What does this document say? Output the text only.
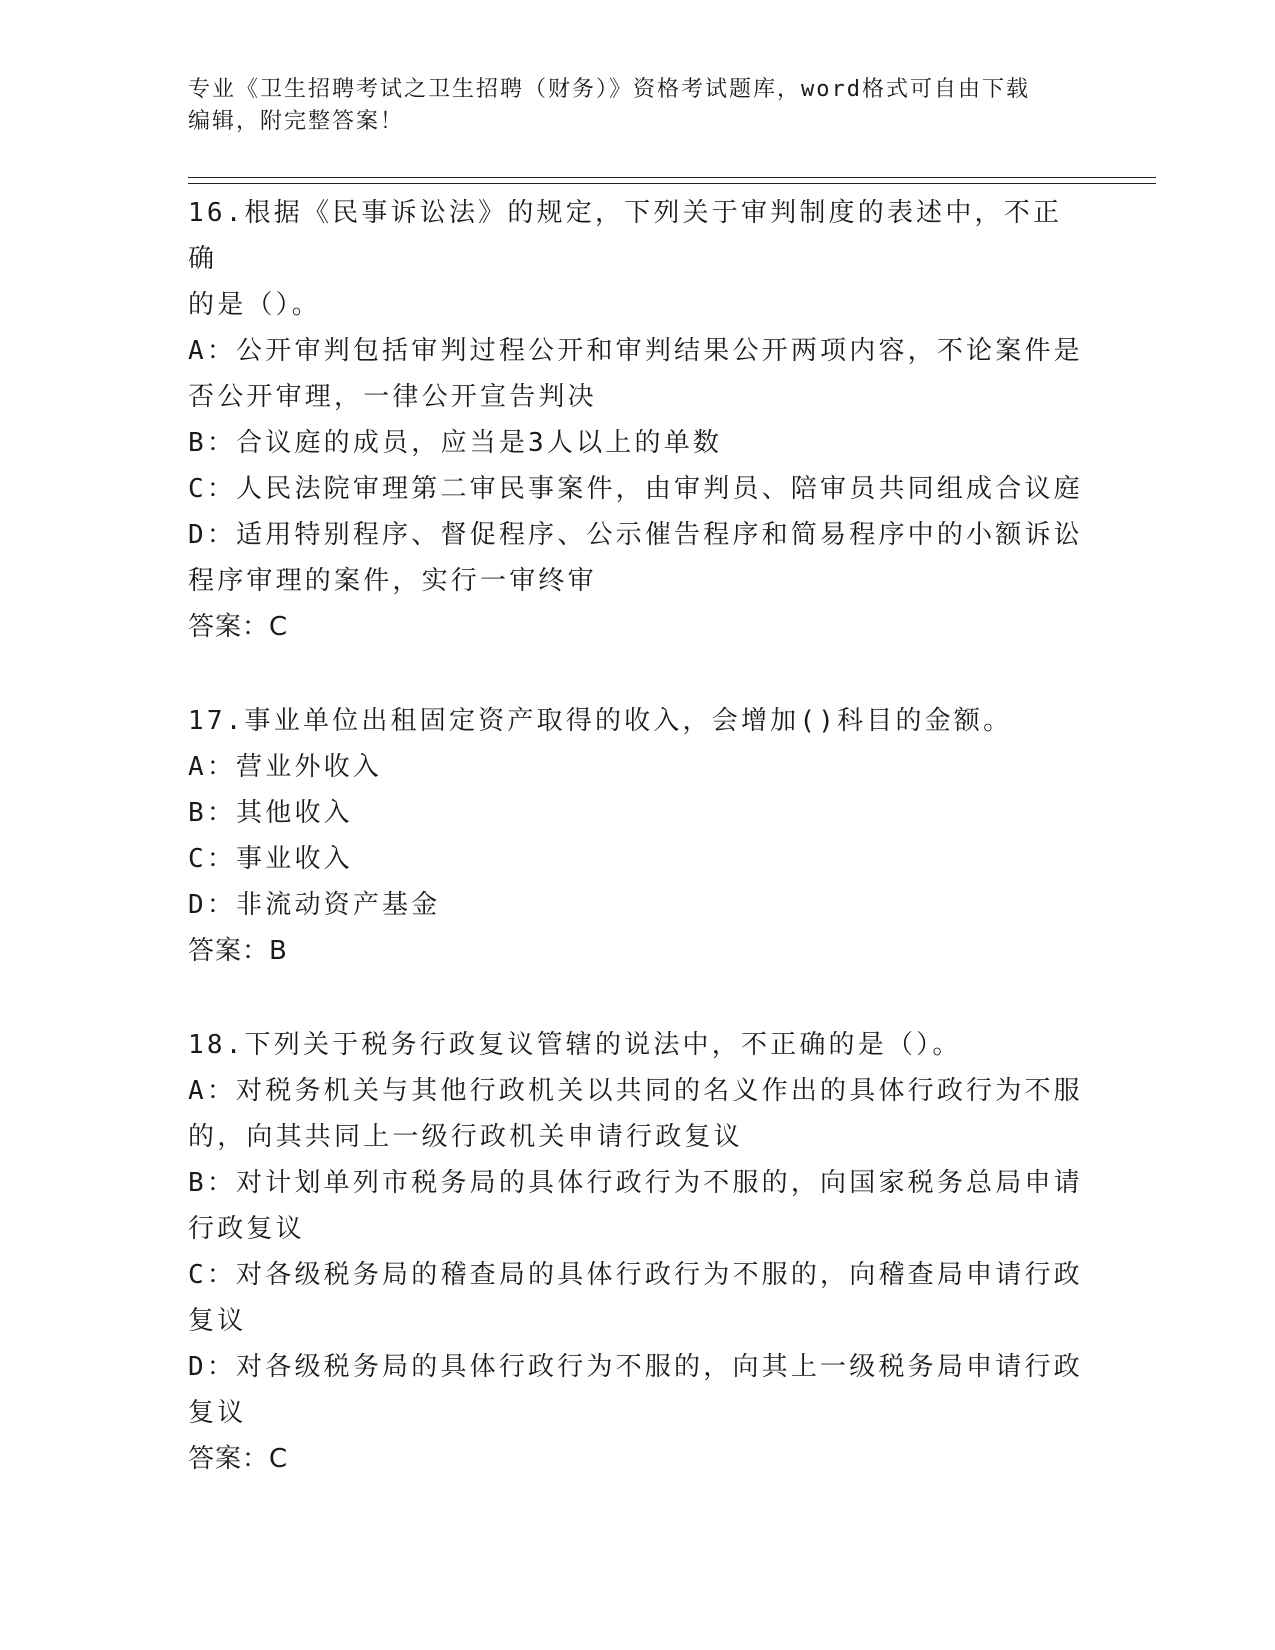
专业《卫生招聘考试之卫生招聘（财务）》资格考试题库，word格式可自由下载
编辑，附完整答案！
16.根据《民事诉讼法》的规定，下列关于审判制度的表述中，不正确
的是（）。
A：公开审判包括审判过程公开和审判结果公开两项内容，不论案件是
否公开审理，一律公开宣告判决
B：合议庭的成员，应当是3人以上的单数
C：人民法院审理第二审民事案件，由审判员、陪审员共同组成合议庭
D：适用特别程序、督促程序、公示催告程序和简易程序中的小额诉讼
程序审理的案件，实行一审终审
答案：C
17.事业单位出租固定资产取得的收入，会增加()科目的金额。
A：营业外收入
B：其他收入
C：事业收入
D：非流动资产基金
答案：B
18.下列关于税务行政复议管辖的说法中，不正确的是（）。
A：对税务机关与其他行政机关以共同的名义作出的具体行政行为不服
的，向其共同上一级行政机关申请行政复议
B：对计划单列市税务局的具体行政行为不服的，向国家税务总局申请
行政复议
C：对各级税务局的稽查局的具体行政行为不服的，向稽查局申请行政
复议
D：对各级税务局的具体行政行为不服的，向其上一级税务局申请行政
复议
答案：C
